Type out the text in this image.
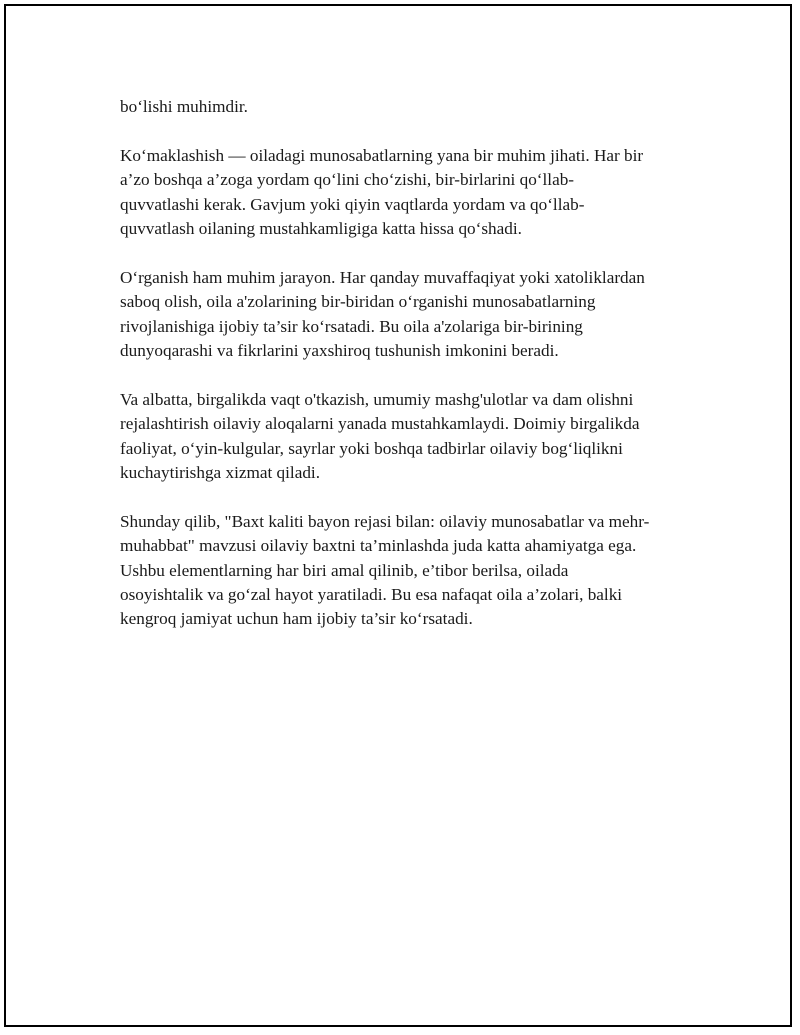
bo‘lishi muhimdir.

Ko‘maklashish — oiladagi munosabatlarning yana bir muhim jihati. Har bir
a’zo boshqa a’zoga yordam qo‘lini cho‘zishi, bir-birlarini qo‘llab-
quvvatlashi kerak. Gavjum yoki qiyin vaqtlarda yordam va qo‘llab-
quvvatlash oilaning mustahkamligiga katta hissa qo‘shadi.

O‘rganish ham muhim jarayon. Har qanday muvaffaqiyat yoki xatoliklardan
saboq olish, oila a'zolarining bir-biridan o‘rganishi munosabatlarning
rivojlanishiga ijobiy ta’sir ko‘rsatadi. Bu oila a'zolariga bir-birining
dunyoqarashi va fikrlarini yaxshiroq tushunish imkonini beradi.

Va albatta, birgalikda vaqt o'tkazish, umumiy mashg'ulotlar va dam olishni
rejalashtirish oilaviy aloqalarni yanada mustahkamlaydi. Doimiy birgalikda
faoliyat, o‘yin-kulgular, sayrlar yoki boshqa tadbirlar oilaviy bog‘liqlikni
kuchaytirishga xizmat qiladi.

Shunday qilib, "Baxt kaliti bayon rejasi bilan: oilaviy munosabatlar va mehr-
muhabbat" mavzusi oilaviy baxtni ta’minlashda juda katta ahamiyatga ega.
Ushbu elementlarning har biri amal qilinib, e’tibor berilsa, oilada
osoyishtalik va go‘zal hayot yaratiladi. Bu esa nafaqat oila a’zolari, balki
kengroq jamiyat uchun ham ijobiy ta’sir ko‘rsatadi.
